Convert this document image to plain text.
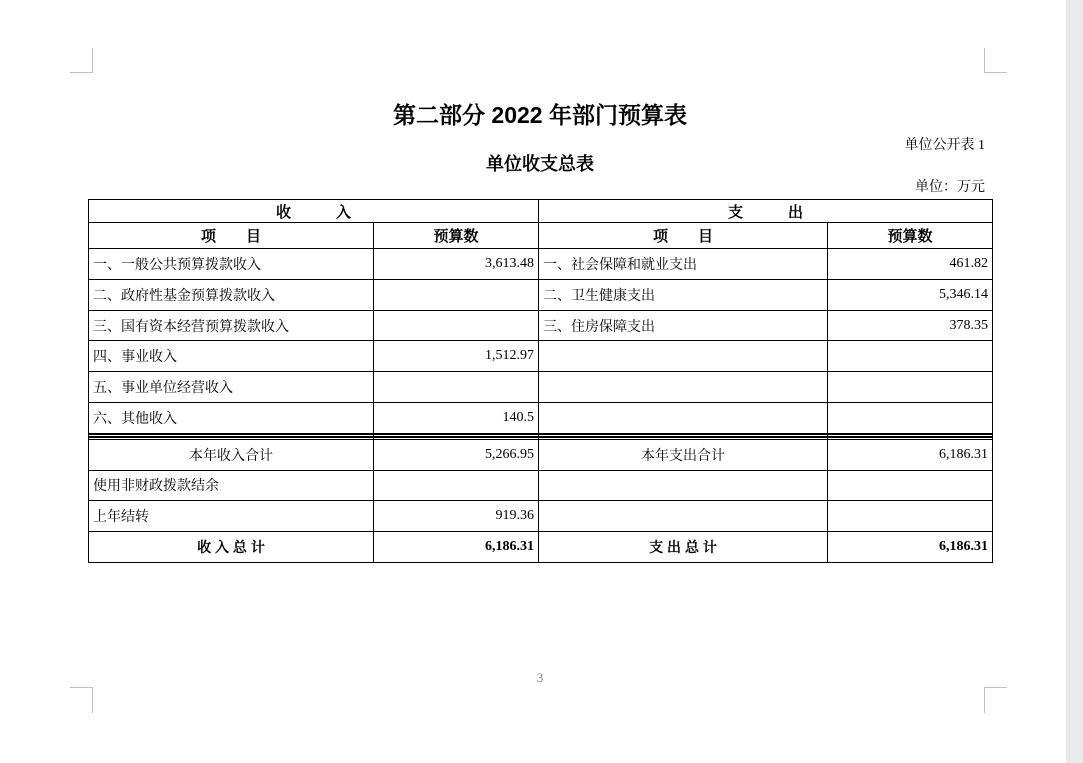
第二部分 2022 年部门预算表
单位公开表 1
单位收支总表
单位：万元
收　　　入		支　　　出	
项　　目	预算数	项　　目	预算数
一、一般公共预算拨款收入	3,613.48	一、社会保障和就业支出	461.82
二、政府性基金预算拨款收入		二、卫生健康支出	5,346.14
三、国有资本经营预算拨款收入		三、住房保障支出	378.35
四、事业收入	1,512.97		
五、事业单位经营收入			
六、其他收入	140.5		

本年收入合计	5,266.95	本年支出合计	6,186.31
使用非财政拨款结余			
上年结转	919.36		
收 入 总 计	6,186.31	支 出 总 计	6,186.31
3
